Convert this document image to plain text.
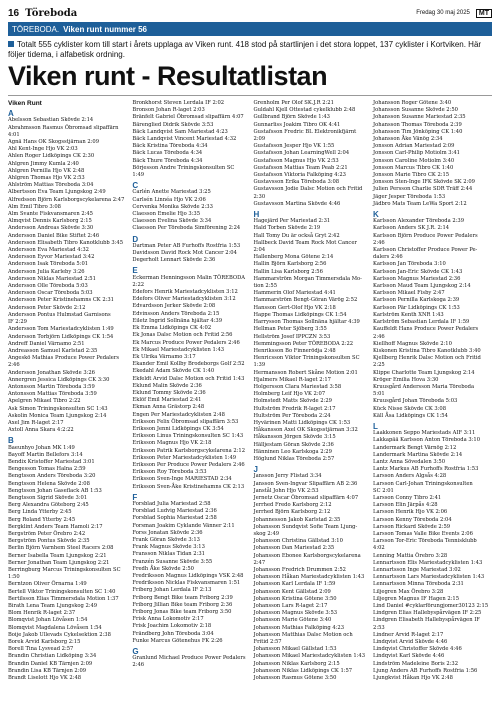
16 Töreboda	Fredag 30 maj 2025	MT
TÖREBODA. Viken runt nummer 56
Totalt 555 cyklister kom till start i årets upplaga av Viken runt. 418 stod på startlinjen i det stora loppet, 137 cyklister i Kortviken. Här följer tidema, i alfabetisk ordning.
Viken runt - Resultatlistan
Viken Runt
A
Abelsson Sebastian Skövde 2:14
Abrahmsson Rasmus Öbromsad slipaffärn
4:01
Agnä Hans OK Skogsstjärnan 2:09
Ahl Kent-Inge Hjo VK 2:03
Ahlen Roger Lidköpings CK 2:30
Ahlgren Jimmy Kumla 2:40
Ahlgren Pernilla Hjo VK 2:48
Ahlgren Thomas Hjo VK 2:53
Ahlström Mattias Töreboda 3:04
Albertsson Eva Team Ljungskog 2:49
Alfredsson Björn Karlsborgscykelarena 2:47
Alm Emil Tibro 3:08
Alm Svante Fiskvansmaren 2:45
Almqvist Dennis Karlsborg 2:15
Andersson Andreas Skövde 3:30
Andersson Daniel Bike Stiftet 2:46
Andersson Elisabeth Tibro Kanotklubb 3:45
Andersson Eva Mariestad 4:32
Andersson Eyvor Mariestad 3:42
Andersson Isak Töreboda 5:01
Andersson Julia Karleby 3:26
Andersson Niklas Mariestad 2:51
Andersson Olle Töreboda 5:03
Andersson Oscar Töreboda 5:03
Andersson Peter Kristinehamns CK 2:31
Andersson Peter Skövde 2:12
Andersson Pontus Hulmstad Garnisons
IF 2:29
Andersson Tom Mariestadcyklisten 1:49
Andersson Torbjörn Lidköpings CK 1:54
Andreff Daniel Värnamo 2:51
Andreasson Samuel Karlstad 2:35
Angeskö Mathias Produce Power Pedalers
2:46
Andersson Jonathan Skövde 3:26
Annergren Jessica Lidköpings CK 3:30
Antonsson Martin Töreboda 3:59
Antonsson Mattias Töreboda 3:59
Apelgren Mikael Tibro 2:22
Ask Simon Triningskonsulten SC 1:43
Askolin Monica Team Ljungskog 2:14
Axel Jim R-laget 2:17
Axtoll Anna Skara 4:2:22
B
Baeunhyo Johan MK 1:49
Bayoff Martin Bellefors 3:14
Bendix Kristoffer Mariestad 3:01
Bengesson Tomas Halna 2:59
Bengtsson Anders Töreboda 3:20
Bengtsson Helena Skövde 2:08
Bengtsson Johan Gaseflack AB 1:53
Bengtsson Sigrid Skövde 3:01
Berg Alexandra Göteborg 2:45
Berg Linda Ytterby 2:45
Berg Roland Ytterby 2:45
Bergklint Anders Team Hamoli 2:17
Bergström Peter Örebro 2:42
Bergström Pontus Skövde 2:35
Berlin Björn Varnhem Steel Racers 2:08
Berner Isabella Team Ljungskog 2:21
Berner Jonathan Team Ljungskog 2:21
Berringburg Marcus Triningskonsulten SC
1:50
Berntzon Oliver Örnarna 1:49
Bertell Viktor Triningskonsulten SC 1:40
Bertilsson Elias Timmersdala Motion 1:37
Birath Lena Team Ljungskog 2:49
Blom Henrik R-laget 2:37
Blomqvist Johan Lövåsen 1:54
Blomqvist Magdalena Lövåsen 1:54
Boije Jakob Ullevads Cykelsektion 2:38
Borek Arvid Karlsborg 2:15
Borell Tina Lysvead 2:57
Brandin Christian Lidköping 3:34
Brandin Daniel KB Tärnjen 2:09
Brandin Lisa KB Tärnjen 2:09
Brandt Liselott Hjo VK 2:48
Bronkhorst Steven Lerdala IF 2:02
Bronson Johan R-laget 2:03
Bränfelt Gabriel Öbromsad slipaffärn 4:07
Bärenglied Didrik Skövde 3:53
Bäck Landqvist Sam Mariestad 4:23
Bäck Landqvist Vincent Mariestad 4:32
Bäck Kristina Töreboda 4:34
Bäck Lucas Töreboda 4:34
Bäck Thure Töreboda 4:34
Börjesson Andre Triningskonsulten SC
1:49
C
Carlén Anette Mariestad 3:25
Carlsén Linnéa Hjo VK 2:06
Cervenka Monika Skövde 2:33
Claesson Emelie Hjo 3:35
Claesson Evelina Skövde 3:34
Claesson Per Töreboda Simförening 2:24
D
Dartman Peter AB Furhoffs Rostfria 1:53
Davidsson David Rock Mot Cancer 2:04
Degerholt Lennart Skövde 2:36
E
Eckerman Henningsson Malin TÖREBODA
2:22
Edefors Henrik Mariestadcyklisten 3:12
Edefors Oliver Mariestadcyklisten 3:12
Edvardsson Jerker Skövde 2:08
Edvinsson Anders Töreboda 2:15
Eiletz Ingrid Sollnäna hjältar 4:39
Ek Emma Lidköpings CK 4:02
Ek Jonas Dalsc Motion och Fritid 2:56
Ek Marcus Produce Power Pedalers 2:46
Ek Mikael Mariestadcyklisten 1:43
Ek Ulrika Värnamo 3:17
Ekander Emil Kollby Brodeborgs Golf 2:52
Ekedahl Adam Skövde CK 1:40
Ekfeldt Arvid Dalsc Motion och Fritid 1:43
Eklund Malin Skövde 2:36
Eklund Tommy Skövde 2:36
Eklöf Emil Mariestad 2:41
Ekman Anna Grästorp 2:48
Engen Per Mariestadcyklisten 2:48
Eriksson Felix Öbromsad slipaffärn 3:53
Eriksson Jenni Lidköpings CK 3:54
Eriksson Linus Triningskonsulten SC 1:43
Eriksson Magnus Hjo VK 2:18
Eriksson Patrik Karlsborgscykelarena 2:12
Eriksson Peter Mariestadcyklisten 1:49
Eriksson Per Produce Power Pedalers 2:46
Eriksson Roy Töreboda 3:53
Eriksson Sven-Inge MARIESTAD 2:34
Eriksson Sven-Åke Kristinehamns CK 2:13
F
Forsblad Julia Mariestad 2:58
Forsblad Ludvig Mariestad 2:36
Forsblad Sophia Mariestad 2:58
Forsman Joakim Cyklande Vänner 2:11
Forss Jonatan Skövde 2:36
Frank Göran Skövde 3:13
Frank Magnus Skövde 3:13
Fransson Niklas Tidan 2:31
Franzén Susanne Skövde 3:55
Fredh Åke Skövde 2:50
Fredriksson Magnus Lidköpings VSK 2:48
Fredriksson Nicklas Fiskvansmaren 1:51
Friberg Johan Lerdala IF 2:13
Friborg Bengt Bike team Friborg 2:39
Friborg Jillian Bike team Friborg 2:36
Friborg Jonas Bike team Friborg 3:50
Frisk Anna Lokomotiv 2:17
Frisk Joachim Lokomotiv 2:18
Frändberg John Töreboda 3:04
Funke Marcus Götenehus FK 2:26
G
Granlund Michael Produce Power Pedalers
2:46
Grenholm Per Olof SK.J.R 2:21
Guldahl Kjell Ottestad cykelklubb 2:48
Gullbrand Björn Skövde 1:43
Gunnarliss Joakim Tibro OK 4:41
Gustafsson Fredric BL Elektronikfjärnt
2:09
Gustafsson Jesper Hjo VK 1:55
Gustafsson Johan LearningWell 2:04
Gustafsson Magnus Hjo VK 2:53
Gustafsson Mattias Team Peab 2:21
Gustafsson Viktoria Falköping 4:23
Gustavsson Erika Töreboda 3:08
Gustavsson Jodie Dalsc Motion och Fritid
2:30
Gustavsson Martina Skövde 4:46
H
Hagejärd Per Mariestad 2:31
Hald Torben Skövde 2:19
Hall Tomy Du är också Gryt 2:42
Hallbeck David Team Rock Mot Cancer
2:04
Hallenberg Mona Götene 2:14
Hallin Björn Karlsborg 2:56
Hallin Lisa Karlsborg 2:56
Hammarström Morgan Timmersdala Mo-
tion 2:55
Hammerin Olof Mariestad 4:41
Hammarström Bengt-Göran Värög 2:52
Hansson Gert-Olof Hjo VK 2:18
Happe Thomas Lidköpings CK 1:54
Harrysson Thomas Sollnäna hjältar 4:39
Hellman Peter Sjöberg 3:55
Hellström Josef IPPCZN 3:53
Hemmingsson Peter TÖREBODA 2:22
Henriksson Bo Finnerödja 2:48
Henricsson Viktor Triningskonsulten SC
1:39
Hermansson Robert Skåne Motion 2:01
Hjalmers Mikael R-laget 2:17
Holgersson Clara Mariestad 3:58
Holmberg Leif Hjo VK 2:07
Holmstedt Matts Skövde 2:29
Hultström Fredrik R-laget 2:17
Hultström Per Töreboda 2:24
Hyvärinen Matti Lidköpings CK 1:53
Håkansson Axel OK Skogsstjärnan 3:32
Håkansson Jörgen Skövde 3:15
Hälljestam Göran Skövde 2:36
Hänninen Leo Karlskoga 2:29
Höglund Niklas Töreboda 2:57
J
Jansson Jerry Flistad 3:34
Jansson Sven-Ingvar Slipaffärn AB 2:36
Janstål John Hjo VK 2:53
Jernetz Oscar Öbromsad slipaffärn 4:07
Jerrhed Fredo Karlsborg 2:12
Jerrhed Björn Karlsborg 2:12
Johannesson Jakob Karlstad 2:35
Johansson Sundqvist Sofie Team Ljung-
skog 2:49
Johansson Christina Gällstad 3:10
Johansson Dan Mariestad 2:35
Johansson Ebonee Karlsborgscykelarena
2:47
Johansson Fredrich Drummen 2:52
Johansson Håkan Mariestadcyklisten 1:43
Johansson Karl Lerdala IF 1:59
Johansson Kent Gällstad 2:09
Johansson Kristina Götene 3:50
Johansson Lars R-laget 2:17
Johansson Magnus Skövde 3:53
Johansson Marie Götene 3:40
Johansson Mathias Falköping 4:23
Johansson Matthias Dalsc Motion och
Fritid 2:57
Johansson Mikael Gällstad 1:53
Johansson Mikael Mariestadcyklisten 1:43
Johansson Niklas Karlsborg 2:15
Johansson Niklas Lidköpings CK 1:57
Johansson Rasmus Götene 3:50
Johansson Roger Götene 3:40
Johansson Susanne Skövde 2:50
Johansson Susanne Mariestad 2:35
Johansson Thomas Töreboda 2:39
Johansson Tim Jönköping CK 1:40
Johansson Åke Vänög 2:34
Jonsson Adrian Mariestad 2:09
Jonsson Carl-Philip Motiolm 3:41
Jonsson Caroline Motiolm 3:40
Jonsson Marcus Tibro CK 1:40
Jonsson Marie Tibro CK 2:15
Jonsson Sten-Inge IFK Skövde SK 2:09
Julien Persson Charlie SDR Träff 2:44
Jäger Jesper Töreboda 1:53
Jädbro Mats Team LeWa Sport 2:12
K
Karlsson Alexander Töreboda 2:39
Karlsson Anders SK J.R. 2:14
Karlsson Björn Produce Power Pedalers
2:46
Karlsson Christoffer Produce Power Pe-
dalers 2:46
Karlsson Jan Töreboda 3:10
Karlsson Jan-Eric Skövde CK 1:43
Karlsson Magnus Mariestad 2:36
Karlsson Maud Team Ljungskog 2:14
Karlsson Mikael Fisby 2:47
Karlsson Pernilla Karlskoga 2:39
Karlsson Pär Lidköpings CK 1:53
Karlström Kenth XNR 1:43
Karlström Sebastian Lerdala IF 1:59
Kauffeldt Hans Produce Power Pedalers
2:46
Kiellhoff Magnus Skövde 2:10
Kiskonen Kristina Tibro Kanotklubb 3:40
Kjellberg Henrik Dalsc Motion och Fritid
2:25
Klippe Charlotte Team Ljungskog 2:14
Kröger Emilia Hova 3:30
Kruusgård Andersson Maria Töreboda
5:01
Kruusgård Johan Töreboda 5:03
Kück Nisse Skövde CK 3:08
Käll Åsa Lidköpings CK 1:54
L
Laakkonen Seppo Mariestads AIF 3:11
Lakkapää Karlsson Anton Töreboda 3:10
Landermark Bengt Värnög 2:12
Landermark Martina Skövde 2:14
Lantz Anna Sövedalen 3:50
Lantz Markus AB Furhoffs Rostfria 1:53
Larsson Anders Algsås 4:28
Larsson Carl-Johan Triningskonsulten
SC 2:01
Larsson Conny Tibro 2:41
Larsson Elin Järpås 4:28
Larsson Henrik Hjo VK 2:06
Larsson Kenny Töreboda 2:04
Larsson Rickard Skövde 2:59
Larsson Tomas Valle Bike Events 2:06
Larsson Tor-Eric Töreboda Tennisklubb
4:02
Lenning Mattia Örebro 3:28
Lennartsson Elis Mariestadcyklisten 1:43
Lennartsson Inge Mariestad 3:02
Lennartsson Lars Mariestadcyklisten 1:43
Lennartsson Minna Töreboda 2:31
Liljegren Max Örebro 3:28
Liljegren Magnus IF Hagen 2:15
Lind Daniel #cyklarförungjomer30123 2:15
Lindgren Elias Hallebyspårvägen IF 2:25
Lindgren Elisabeth Hallebyspårvägen IF
2:53
Lindner Arvid R-laget 2:17
Lindqvist Arvid Skövde 4:46
Lindqvist Christoffer Skövde 4:46
Lindqvist Karl Skövde 4:46
Lindström Madeleine Boris 2:32
Ljung Anders AB Furhoffs Rostfria 1:56
Ljungkvist Håkan Hjo VK 2:48
